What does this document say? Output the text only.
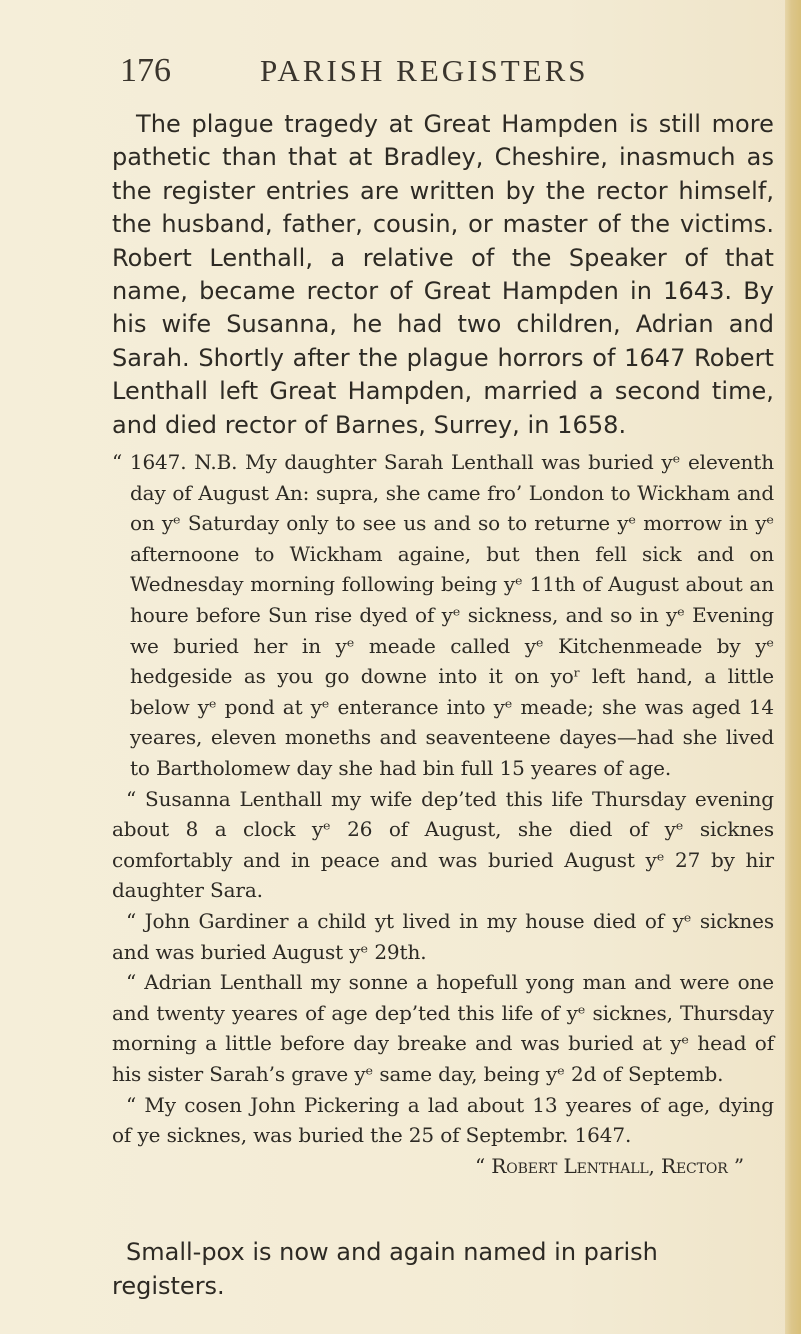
176	PARISH REGISTERS

The plague tragedy at Great Hampden is still more pathetic than that at Bradley, Cheshire, inasmuch as the register entries are written by the rector himself, the husband, father, cousin, or master of the victims. Robert Lenthall, a relative of the Speaker of that name, became rector of Great Hampden in 1643. By his wife Susanna, he had two children, Adrian and Sarah. Shortly after the plague horrors of 1647 Robert Lenthall left Great Hampden, married a second time, and died rector of Barnes, Surrey, in 1658.

“ 1647. N.B. My daughter Sarah Lenthall was buried yᵉ eleventh day of August An: supra, she came fro’ London to Wickham and on yᵉ Saturday only to see us and so to returne yᵉ morrow in yᵉ afternoone to Wickham againe, but then fell sick and on Wednesday morning following being yᵉ 11th of August about an houre before Sun rise dyed of yᵉ sickness, and so in yᵉ Evening we buried her in yᵉ meade called yᵉ Kitchenmeade by yᵉ hedgeside as you go downe into it on yoʳ left hand, a little below yᵉ pond at yᵉ enterance into yᵉ meade; she was aged 14 yeares, eleven moneths and seaventeene dayes—had she lived to Bartholomew day she had bin full 15 yeares of age.

“ Susanna Lenthall my wife dep’ted this life Thursday evening about 8 a clock yᵉ 26 of August, she died of yᵉ sicknes comfortably and in peace and was buried August yᵉ 27 by hir daughter Sara.

“ John Gardiner a child yt lived in my house died of yᵉ sicknes and was buried August yᵉ 29th.

“ Adrian Lenthall my sonne a hopefull yong man and were one and twenty yeares of age dep’ted this life of yᵉ sicknes, Thursday morning a little before day breake and was buried at yᵉ head of his sister Sarah’s grave yᵉ same day, being yᵉ 2d of Septemb.

“ My cosen John Pickering a lad about 13 yeares of age, dying of ye sicknes, was buried the 25 of Septembr. 1647.

“ Robert Lenthall, Rector ”

Small-pox is now and again named in parish registers.
